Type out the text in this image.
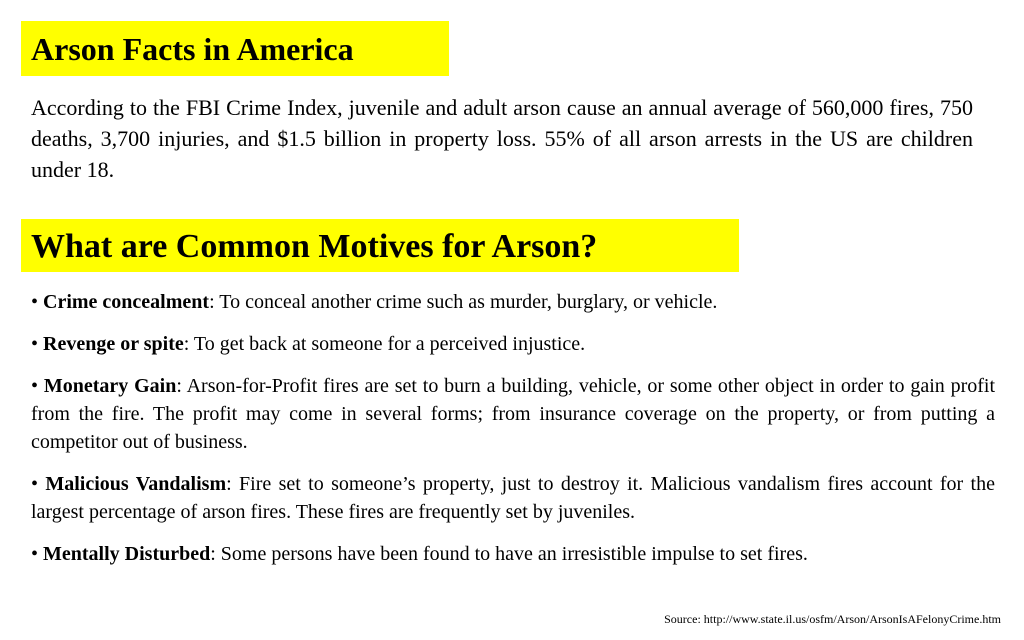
Arson Facts in America
According to the FBI Crime Index, juvenile and adult arson cause an annual average of 560,000 fires, 750 deaths, 3,700 injuries, and $1.5 billion in property loss. 55% of all arson arrests in the US are children under 18.
What are Common Motives for Arson?
• Crime concealment: To conceal another crime such as murder, burglary, or vehicle.
• Revenge or spite: To get back at someone for a perceived injustice.
• Monetary Gain: Arson-for-Profit fires are set to burn a building, vehicle, or some other object in order to gain profit from the fire. The profit may come in several forms; from insurance coverage on the property, or from putting a competitor out of business.
• Malicious Vandalism: Fire set to someone’s property, just to destroy it. Malicious vandalism fires account for the largest percentage of arson fires. These fires are frequently set by juveniles.
• Mentally Disturbed: Some persons have been found to have an irresistible impulse to set fires.
Source: http://www.state.il.us/osfm/Arson/ArsonIsAFelonyCrime.htm
